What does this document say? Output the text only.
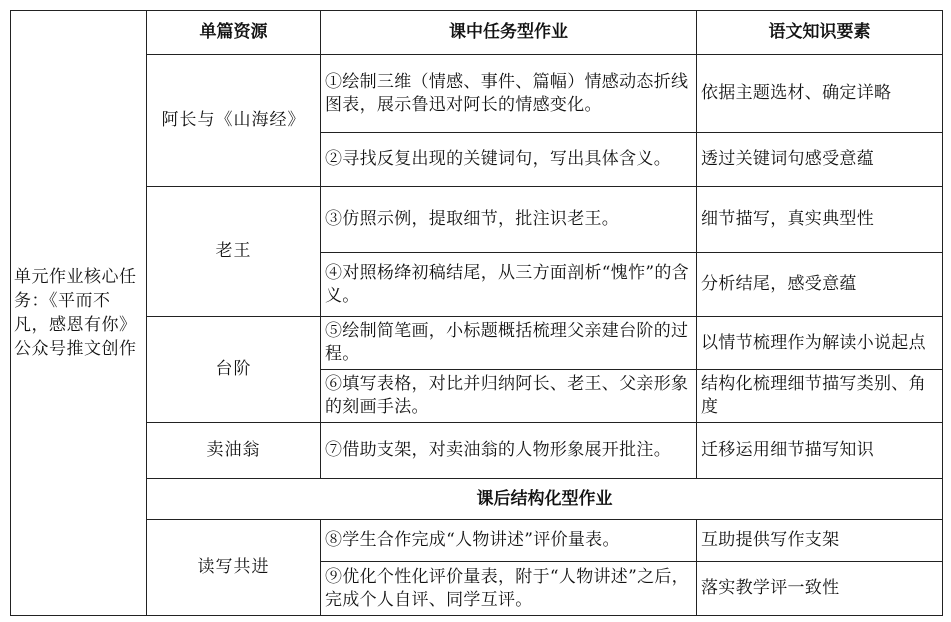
单元作业核心任务：《平而不凡，感恩有你》公众号推文创作	单篇资源	课中任务型作业	语文知识要素
	阿长与《山海经》	①绘制三维（情感、事件、篇幅）情感动态折线图表，展示鲁迅对阿长的情感变化。	依据主题选材、确定详略
		②寻找反复出现的关键词句，写出具体含义。	透过关键词句感受意蕴
	老王	③仿照示例，提取细节，批注识老王。	细节描写，真实典型性
		④对照杨绛初稿结尾，从三方面剖析“愧怍”的含义。	分析结尾，感受意蕴
	台阶	⑤绘制简笔画，小标题概括梳理父亲建台阶的过程。	以情节梳理作为解读小说起点
		⑥填写表格，对比并归纳阿长、老王、父亲形象的刻画手法。	结构化梳理细节描写类别、角度
	卖油翁	⑦借助支架，对卖油翁的人物形象展开批注。	迁移运用细节描写知识
	课后结构化型作业		
	读写共进	⑧学生合作完成“人物讲述”评价量表。	互助提供写作支架
		⑨优化个性化评价量表，附于“人物讲述”之后，完成个人自评、同学互评。	落实教学评一致性
